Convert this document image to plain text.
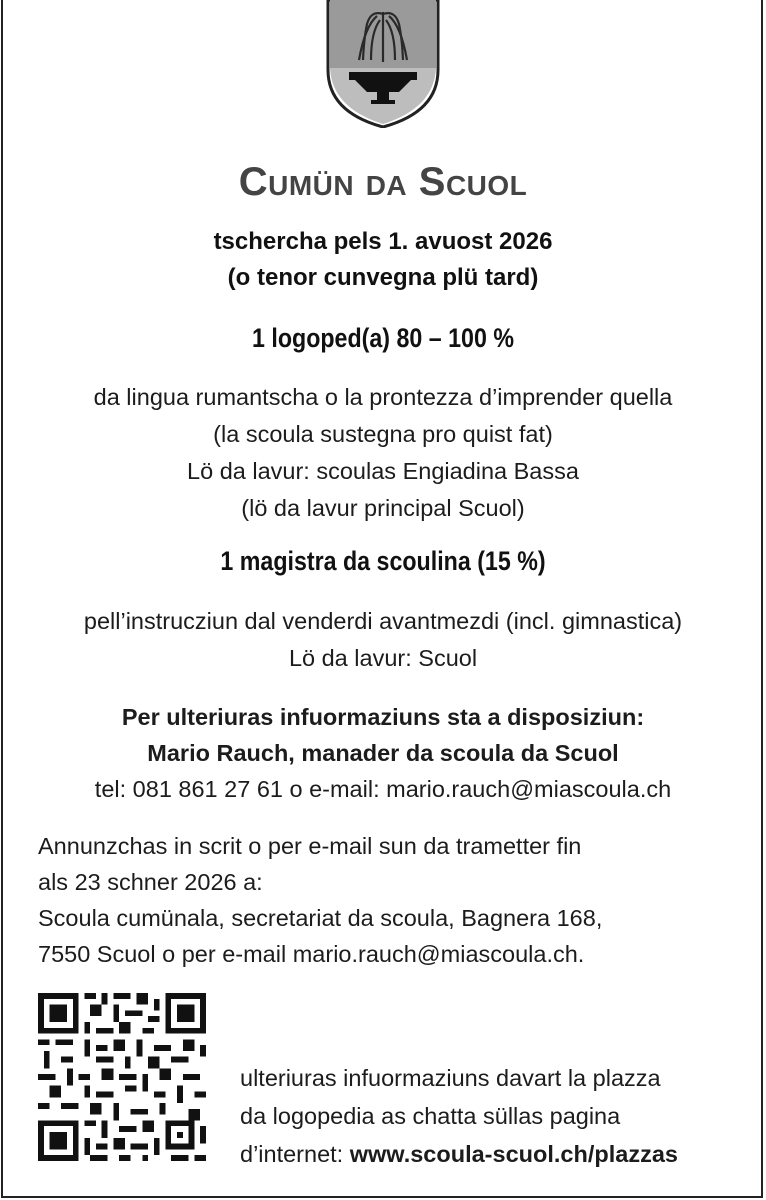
Cumün da Scuol
tschercha pels 1. avuost 2026
(o tenor cunvegna plü tard)
1 logoped(a) 80 – 100 %
da lingua rumantscha o la prontezza d’imprender quella
(la scoula sustegna pro quist fat)
Lö da lavur: scoulas Engiadina Bassa
(lö da lavur principal Scuol)
1 magistra da scoulina (15 %)
pell’instrucziun dal venderdi avantmezdi (incl. gimnastica)
Lö da lavur: Scuol
Per ulteriuras infuormaziuns sta a disposiziun:
Mario Rauch, manader da scoula da Scuol
tel: 081 861 27 61 o e-mail: mario.rauch@miascoula.ch
Annunzchas in scrit o per e-mail sun da trametter fin
als 23 schner 2026 a:
Scoula cumünala, secretariat da scoula, Bagnera 168,
7550 Scuol o per e-mail mario.rauch@miascoula.ch.
ulteriuras infuormaziuns davart la plazza
da logopedia as chatta süllas pagina
d’internet: www.scoula-scuol.ch/plazzas
